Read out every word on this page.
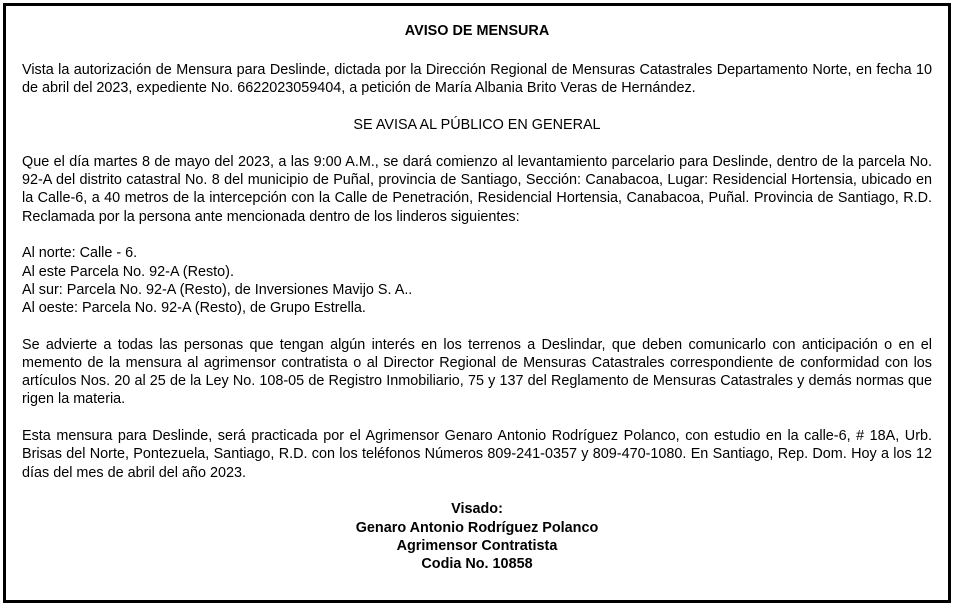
AVISO DE MENSURA
Vista la autorización de Mensura para Deslinde, dictada por la Dirección Regional de Mensuras Catastrales Departamento Norte, en fecha 10 de abril del 2023, expediente No. 6622023059404, a petición de María Albania Brito Veras de Hernández.
SE AVISA AL PÚBLICO EN GENERAL
Que el día martes 8 de mayo del 2023, a las 9:00 A.M., se dará comienzo al levantamiento parcelario para Deslinde, dentro de la parcela No. 92-A del distrito catastral No. 8 del municipio de Puñal, provincia de Santiago, Sección: Canabacoa, Lugar: Residencial Hortensia, ubicado en la Calle-6, a 40 metros de la intercepción con la Calle de Penetración, Residencial Hortensia, Canabacoa, Puñal. Provincia de Santiago, R.D. Reclamada por la persona ante mencionada dentro de los linderos siguientes:
Al norte: Calle - 6.
Al este Parcela No. 92-A (Resto).
Al sur: Parcela No. 92-A (Resto), de Inversiones Mavijo S. A..
Al oeste: Parcela No. 92-A (Resto), de Grupo Estrella.
Se advierte a todas las personas que tengan algún interés en los terrenos a Deslindar, que deben comunicarlo con anticipación o en el memento de la mensura al agrimensor contratista o al Director Regional de Mensuras Catastrales correspondiente de conformidad con los artículos Nos. 20 al 25 de la Ley No. 108-05 de Registro Inmobiliario, 75 y 137 del Reglamento de Mensuras Catastrales y demás normas que rigen la materia.
Esta mensura para Deslinde, será practicada por el Agrimensor Genaro Antonio Rodríguez Polanco, con estudio en la calle-6, # 18A, Urb. Brisas del Norte, Pontezuela, Santiago, R.D. con los teléfonos Números 809-241-0357 y 809-470-1080. En Santiago, Rep. Dom. Hoy a los 12 días del mes de abril del año 2023.
Visado:
Genaro Antonio Rodríguez Polanco
Agrimensor Contratista
Codia No. 10858
